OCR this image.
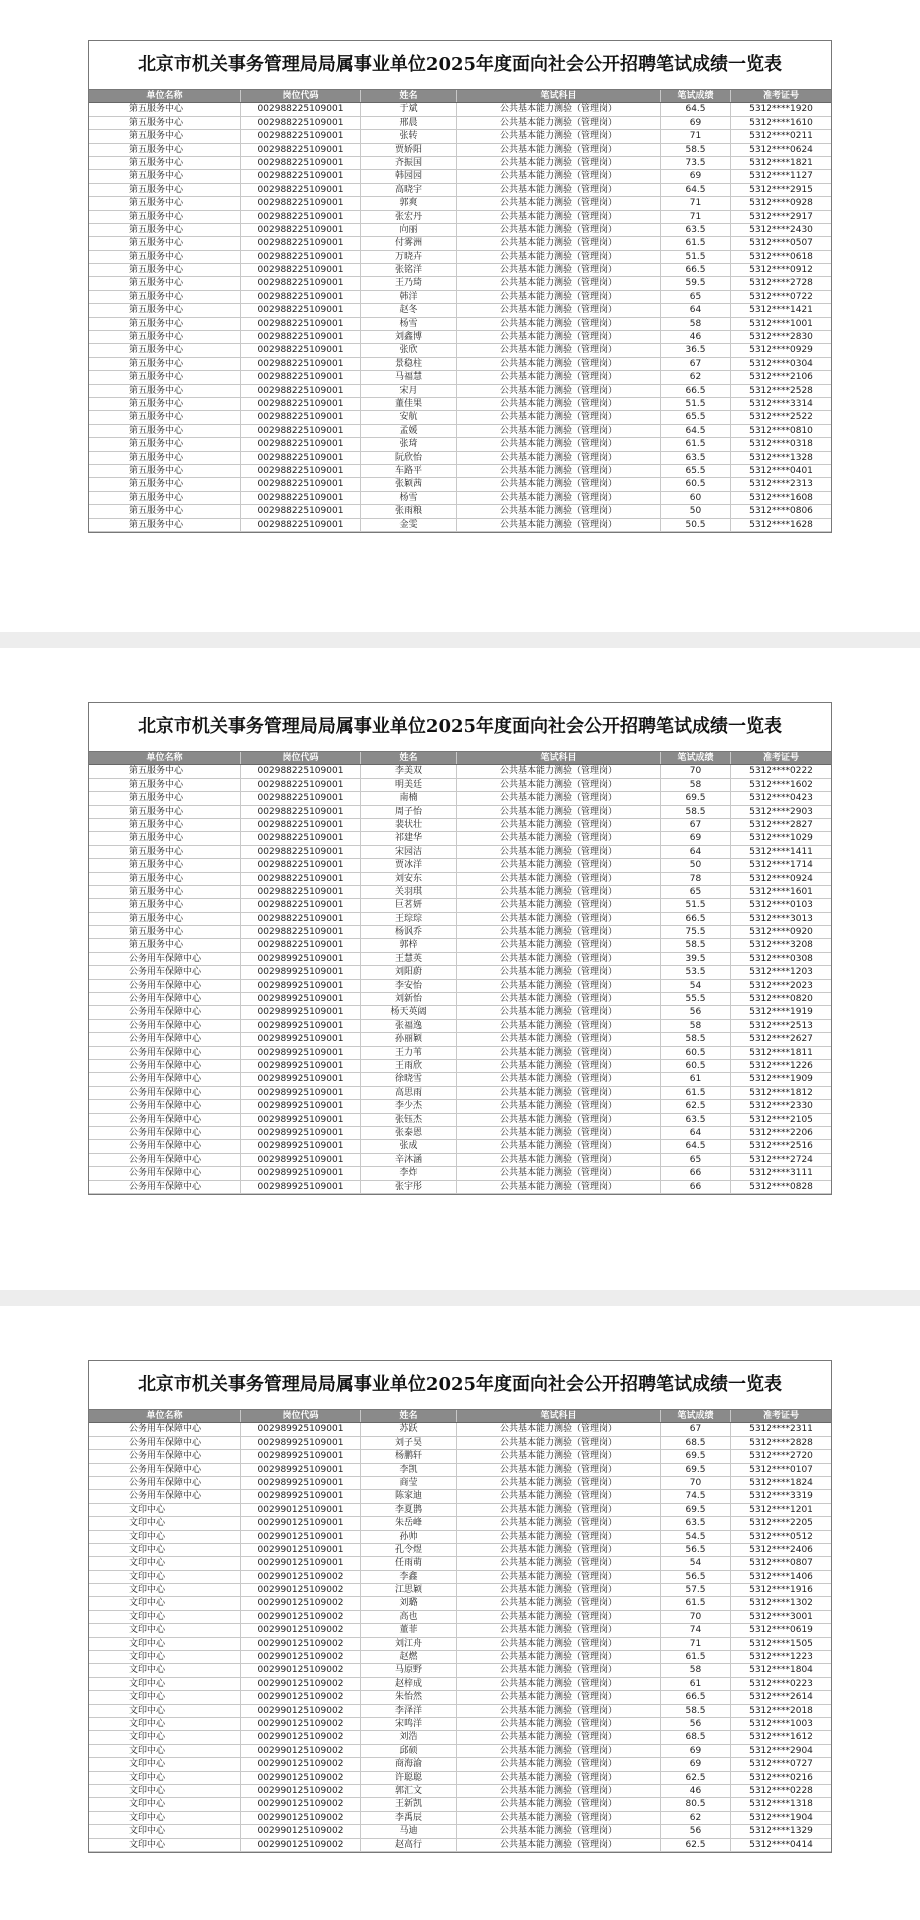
北京市机关事务管理局局属事业单位2025年度面向社会公开招聘笔试成绩一览表
单位名称	岗位代码	姓名	笔试科目	笔试成绩	准考证号
第五服务中心	002988225109001	于斌	公共基本能力测验（管理岗）	64.5	5312****1920
第五服务中心	002988225109001	邢晨	公共基本能力测验（管理岗）	69	5312****1610
第五服务中心	002988225109001	张转	公共基本能力测验（管理岗）	71	5312****0211
第五服务中心	002988225109001	贾娇阳	公共基本能力测验（管理岗）	58.5	5312****0624
第五服务中心	002988225109001	齐振国	公共基本能力测验（管理岗）	73.5	5312****1821
第五服务中心	002988225109001	韩园园	公共基本能力测验（管理岗）	69	5312****1127
第五服务中心	002988225109001	高晓宇	公共基本能力测验（管理岗）	64.5	5312****2915
第五服务中心	002988225109001	郭爽	公共基本能力测验（管理岗）	71	5312****0928
第五服务中心	002988225109001	张宏丹	公共基本能力测验（管理岗）	71	5312****2917
第五服务中心	002988225109001	向丽	公共基本能力测验（管理岗）	63.5	5312****2430
第五服务中心	002988225109001	付雾洲	公共基本能力测验（管理岗）	61.5	5312****0507
第五服务中心	002988225109001	万晓卉	公共基本能力测验（管理岗）	51.5	5312****0618
第五服务中心	002988225109001	张铭洋	公共基本能力测验（管理岗）	66.5	5312****0912
第五服务中心	002988225109001	王乃琦	公共基本能力测验（管理岗）	59.5	5312****2728
第五服务中心	002988225109001	韩洋	公共基本能力测验（管理岗）	65	5312****0722
第五服务中心	002988225109001	赵冬	公共基本能力测验（管理岗）	64	5312****1421
第五服务中心	002988225109001	杨雪	公共基本能力测验（管理岗）	58	5312****1001
第五服务中心	002988225109001	刘鑫博	公共基本能力测验（管理岗）	46	5312****2830
第五服务中心	002988225109001	张欣	公共基本能力测验（管理岗）	36.5	5312****0929
第五服务中心	002988225109001	景稳柱	公共基本能力测验（管理岗）	67	5312****0304
第五服务中心	002988225109001	马福慧	公共基本能力测验（管理岗）	62	5312****2106
第五服务中心	002988225109001	宋月	公共基本能力测验（管理岗）	66.5	5312****2528
第五服务中心	002988225109001	董佳果	公共基本能力测验（管理岗）	51.5	5312****3314
第五服务中心	002988225109001	安航	公共基本能力测验（管理岗）	65.5	5312****2522
第五服务中心	002988225109001	孟媛	公共基本能力测验（管理岗）	64.5	5312****0810
第五服务中心	002988225109001	张琦	公共基本能力测验（管理岗）	61.5	5312****0318
第五服务中心	002988225109001	阮欣怡	公共基本能力测验（管理岗）	63.5	5312****1328
第五服务中心	002988225109001	车路平	公共基本能力测验（管理岗）	65.5	5312****0401
第五服务中心	002988225109001	张颖茜	公共基本能力测验（管理岗）	60.5	5312****2313
第五服务中心	002988225109001	杨雪	公共基本能力测验（管理岗）	60	5312****1608
第五服务中心	002988225109001	张雨粮	公共基本能力测验（管理岗）	50	5312****0806
第五服务中心	002988225109001	金雯	公共基本能力测验（管理岗）	50.5	5312****1628
北京市机关事务管理局局属事业单位2025年度面向社会公开招聘笔试成绩一览表
单位名称	岗位代码	姓名	笔试科目	笔试成绩	准考证号
第五服务中心	002988225109001	李美双	公共基本能力测验（管理岗）	70	5312****0222
第五服务中心	002988225109001	明美廷	公共基本能力测验（管理岗）	58	5312****1602
第五服务中心	002988225109001	南楠	公共基本能力测验（管理岗）	69.5	5312****0423
第五服务中心	002988225109001	周子怡	公共基本能力测验（管理岗）	58.5	5312****2903
第五服务中心	002988225109001	裴状壮	公共基本能力测验（管理岗）	67	5312****2827
第五服务中心	002988225109001	祁建华	公共基本能力测验（管理岗）	69	5312****1029
第五服务中心	002988225109001	宋园洁	公共基本能力测验（管理岗）	64	5312****1411
第五服务中心	002988225109001	贾冰洋	公共基本能力测验（管理岗）	50	5312****1714
第五服务中心	002988225109001	刘安东	公共基本能力测验（管理岗）	78	5312****0924
第五服务中心	002988225109001	关羽琪	公共基本能力测验（管理岗）	65	5312****1601
第五服务中心	002988225109001	巨茗妍	公共基本能力测验（管理岗）	51.5	5312****0103
第五服务中心	002988225109001	王琮琮	公共基本能力测验（管理岗）	66.5	5312****3013
第五服务中心	002988225109001	杨讽乔	公共基本能力测验（管理岗）	75.5	5312****0920
第五服务中心	002988225109001	郭梓	公共基本能力测验（管理岗）	58.5	5312****3208
公务用车保障中心	002989925109001	王慧英	公共基本能力测验（管理岗）	39.5	5312****0308
公务用车保障中心	002989925109001	刘阳蔚	公共基本能力测验（管理岗）	53.5	5312****1203
公务用车保障中心	002989925109001	李安怡	公共基本能力测验（管理岗）	54	5312****2023
公务用车保障中心	002989925109001	刘新怡	公共基本能力测验（管理岗）	55.5	5312****0820
公务用车保障中心	002989925109001	杨天英阔	公共基本能力测验（管理岗）	56	5312****1919
公务用车保障中心	002989925109001	张福逸	公共基本能力测验（管理岗）	58	5312****2513
公务用车保障中心	002989925109001	孙丽颖	公共基本能力测验（管理岗）	58.5	5312****2627
公务用车保障中心	002989925109001	王力苇	公共基本能力测验（管理岗）	60.5	5312****1811
公务用车保障中心	002989925109001	王雨欣	公共基本能力测验（管理岗）	60.5	5312****1226
公务用车保障中心	002989925109001	徐晓雪	公共基本能力测验（管理岗）	61	5312****1909
公务用车保障中心	002989925109001	高思雨	公共基本能力测验（管理岗）	61.5	5312****1812
公务用车保障中心	002989925109001	李少杰	公共基本能力测验（管理岗）	62.5	5312****2330
公务用车保障中心	002989925109001	张钰杰	公共基本能力测验（管理岗）	63.5	5312****2105
公务用车保障中心	002989925109001	张泰恩	公共基本能力测验（管理岗）	64	5312****2206
公务用车保障中心	002989925109001	张成	公共基本能力测验（管理岗）	64.5	5312****2516
公务用车保障中心	002989925109001	辛沐涵	公共基本能力测验（管理岗）	65	5312****2724
公务用车保障中心	002989925109001	李炸	公共基本能力测验（管理岗）	66	5312****3111
公务用车保障中心	002989925109001	张宇彤	公共基本能力测验（管理岗）	66	5312****0828
北京市机关事务管理局局属事业单位2025年度面向社会公开招聘笔试成绩一览表
单位名称	岗位代码	姓名	笔试科目	笔试成绩	准考证号
公务用车保障中心	002989925109001	苏跃	公共基本能力测验（管理岗）	67	5312****2311
公务用车保障中心	002989925109001	刘子昊	公共基本能力测验（管理岗）	68.5	5312****2828
公务用车保障中心	002989925109001	杨鹏轩	公共基本能力测验（管理岗）	69.5	5312****2720
公务用车保障中心	002989925109001	李凯	公共基本能力测验（管理岗）	69.5	5312****0107
公务用车保障中心	002989925109001	商莹	公共基本能力测验（管理岗）	70	5312****1824
公务用车保障中心	002989925109001	陈家迪	公共基本能力测验（管理岗）	74.5	5312****3319
文印中心	002990125109001	李夏鹊	公共基本能力测验（管理岗）	69.5	5312****1201
文印中心	002990125109001	朱岳峰	公共基本能力测验（管理岗）	63.5	5312****2205
文印中心	002990125109001	孙帅	公共基本能力测验（管理岗）	54.5	5312****0512
文印中心	002990125109001	孔令煜	公共基本能力测验（管理岗）	56.5	5312****2406
文印中心	002990125109001	任雨萌	公共基本能力测验（管理岗）	54	5312****0807
文印中心	002990125109002	李鑫	公共基本能力测验（管理岗）	56.5	5312****1406
文印中心	002990125109002	江思颖	公共基本能力测验（管理岗）	57.5	5312****1916
文印中心	002990125109002	刘璐	公共基本能力测验（管理岗）	61.5	5312****1302
文印中心	002990125109002	高也	公共基本能力测验（管理岗）	70	5312****3001
文印中心	002990125109002	董菲	公共基本能力测验（管理岗）	74	5312****0619
文印中心	002990125109002	刘江舟	公共基本能力测验（管理岗）	71	5312****1505
文印中心	002990125109002	赵燃	公共基本能力测验（管理岗）	61.5	5312****1223
文印中心	002990125109002	马原野	公共基本能力测验（管理岗）	58	5312****1804
文印中心	002990125109002	赵梓成	公共基本能力测验（管理岗）	61	5312****0223
文印中心	002990125109002	朱怡然	公共基本能力测验（管理岗）	66.5	5312****2614
文印中心	002990125109002	李泽洋	公共基本能力测验（管理岗）	58.5	5312****2018
文印中心	002990125109002	宋鸣洋	公共基本能力测验（管理岗）	56	5312****1003
文印中心	002990125109002	刘浩	公共基本能力测验（管理岗）	68.5	5312****1612
文印中心	002990125109002	邱硕	公共基本能力测验（管理岗）	69	5312****2904
文印中心	002990125109002	商海渝	公共基本能力测验（管理岗）	69	5312****0727
文印中心	002990125109002	许聪聪	公共基本能力测验（管理岗）	62.5	5312****0216
文印中心	002990125109002	郭汇文	公共基本能力测验（管理岗）	46	5312****0228
文印中心	002990125109002	王新凯	公共基本能力测验（管理岗）	80.5	5312****1318
文印中心	002990125109002	李禹辰	公共基本能力测验（管理岗）	62	5312****1904
文印中心	002990125109002	马迪	公共基本能力测验（管理岗）	56	5312****1329
文印中心	002990125109002	赵高行	公共基本能力测验（管理岗）	62.5	5312****0414
